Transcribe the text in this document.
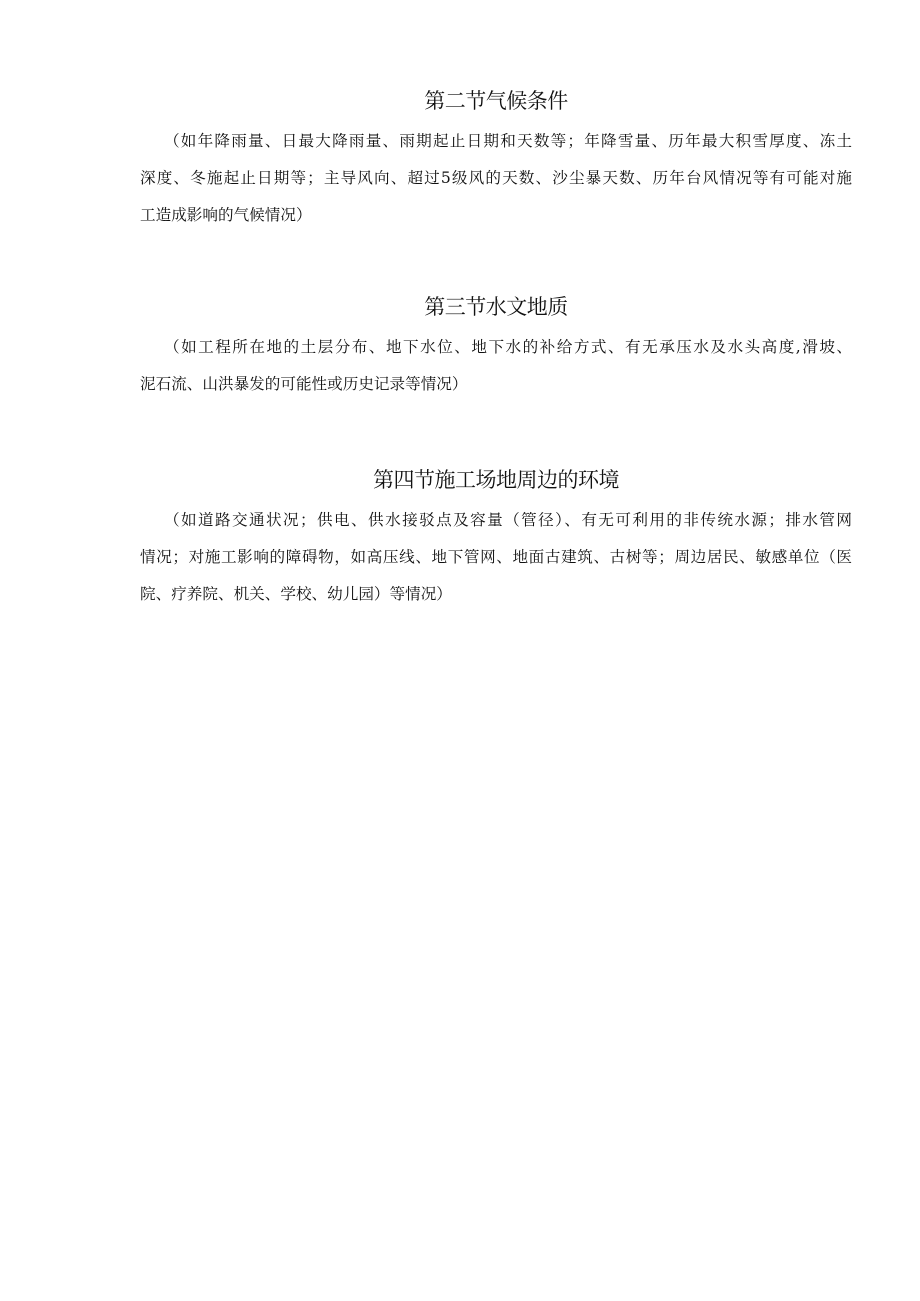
第二节气候条件
（如年降雨量、日最大降雨量、雨期起止日期和天数等；年降雪量、历年最大积雪厚度、冻土
深度、冬施起止日期等；主导风向、超过5级风的天数、沙尘暴天数、历年台风情况等有可能对施
工造成影响的气候情况）
第三节水文地质
（如工程所在地的土层分布、地下水位、地下水的补给方式、有无承压水及水头高度,滑坡、
泥石流、山洪暴发的可能性或历史记录等情况）
第四节施工场地周边的环境
（如道路交通状况；供电、供水接驳点及容量（管径）、有无可利用的非传统水源；排水管网
情况；对施工影响的障碍物，如高压线、地下管网、地面古建筑、古树等；周边居民、敏感单位（医
院、疗养院、机关、学校、幼儿园）等情况）
